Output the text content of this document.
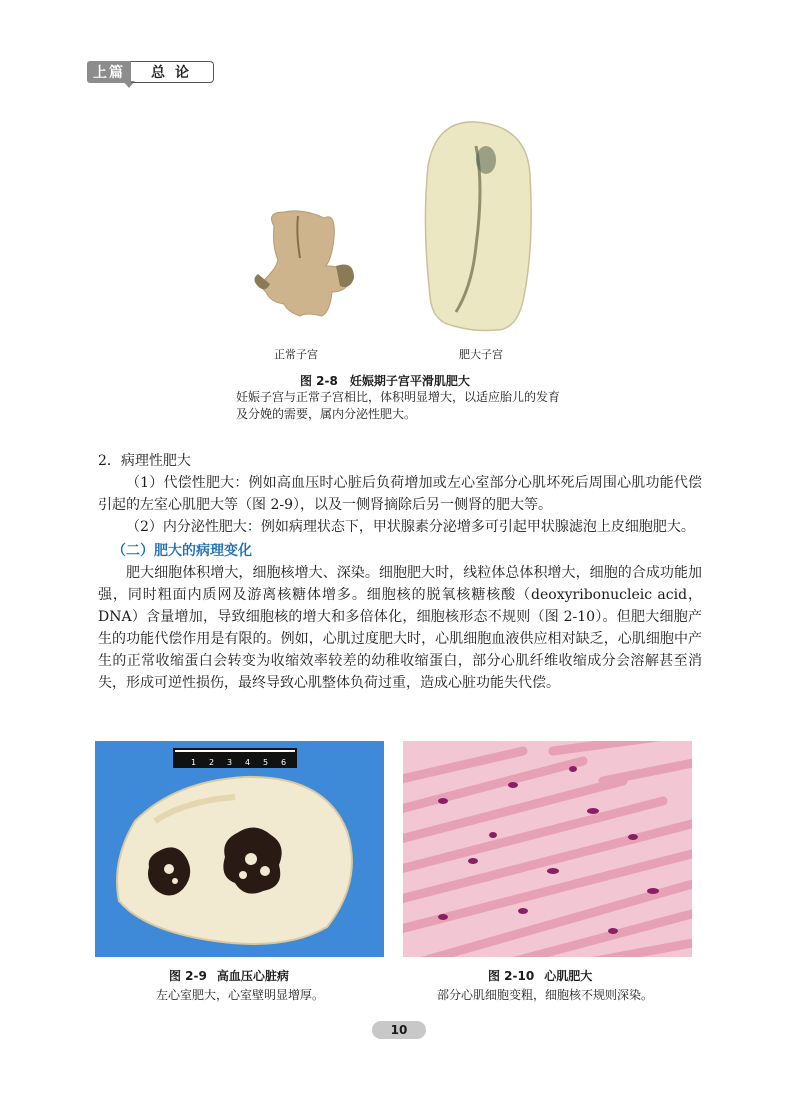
上篇	总论
正常子宫	肥大子宫
图 2-8 妊娠期子宫平滑肌肥大
妊娠子宫与正常子宫相比，体积明显增大，以适应胎儿的发育及分娩的需要，属内分泌性肥大。
2．病理性肥大
（1）代偿性肥大：例如高血压时心脏后负荷增加或左心室部分心肌坏死后周围心肌功能代偿引起的左室心肌肥大等（图 2-9），以及一侧肾摘除后另一侧肾的肥大等。
（2）内分泌性肥大：例如病理状态下，甲状腺素分泌增多可引起甲状腺滤泡上皮细胞肥大。
（二）肥大的病理变化
肥大细胞体积增大，细胞核增大、深染。细胞肥大时，线粒体总体积增大，细胞的合成功能加强，同时粗面内质网及游离核糖体增多。细胞核的脱氧核糖核酸（deoxyribonucleic acid，DNA）含量增加，导致细胞核的增大和多倍体化，细胞核形态不规则（图 2-10）。但肥大细胞产生的功能代偿作用是有限的。例如，心肌过度肥大时，心肌细胞血液供应相对缺乏，心肌细胞中产生的正常收缩蛋白会转变为收缩效率较差的幼稚收缩蛋白，部分心肌纤维收缩成分会溶解甚至消失，形成可逆性损伤，最终导致心肌整体负荷过重，造成心脏功能失代偿。
1 2 3 4 5 6
图 2-9 高血压心脏病
左心室肥大，心室壁明显增厚。
图 2-10 心肌肥大
部分心肌细胞变粗，细胞核不规则深染。
10
